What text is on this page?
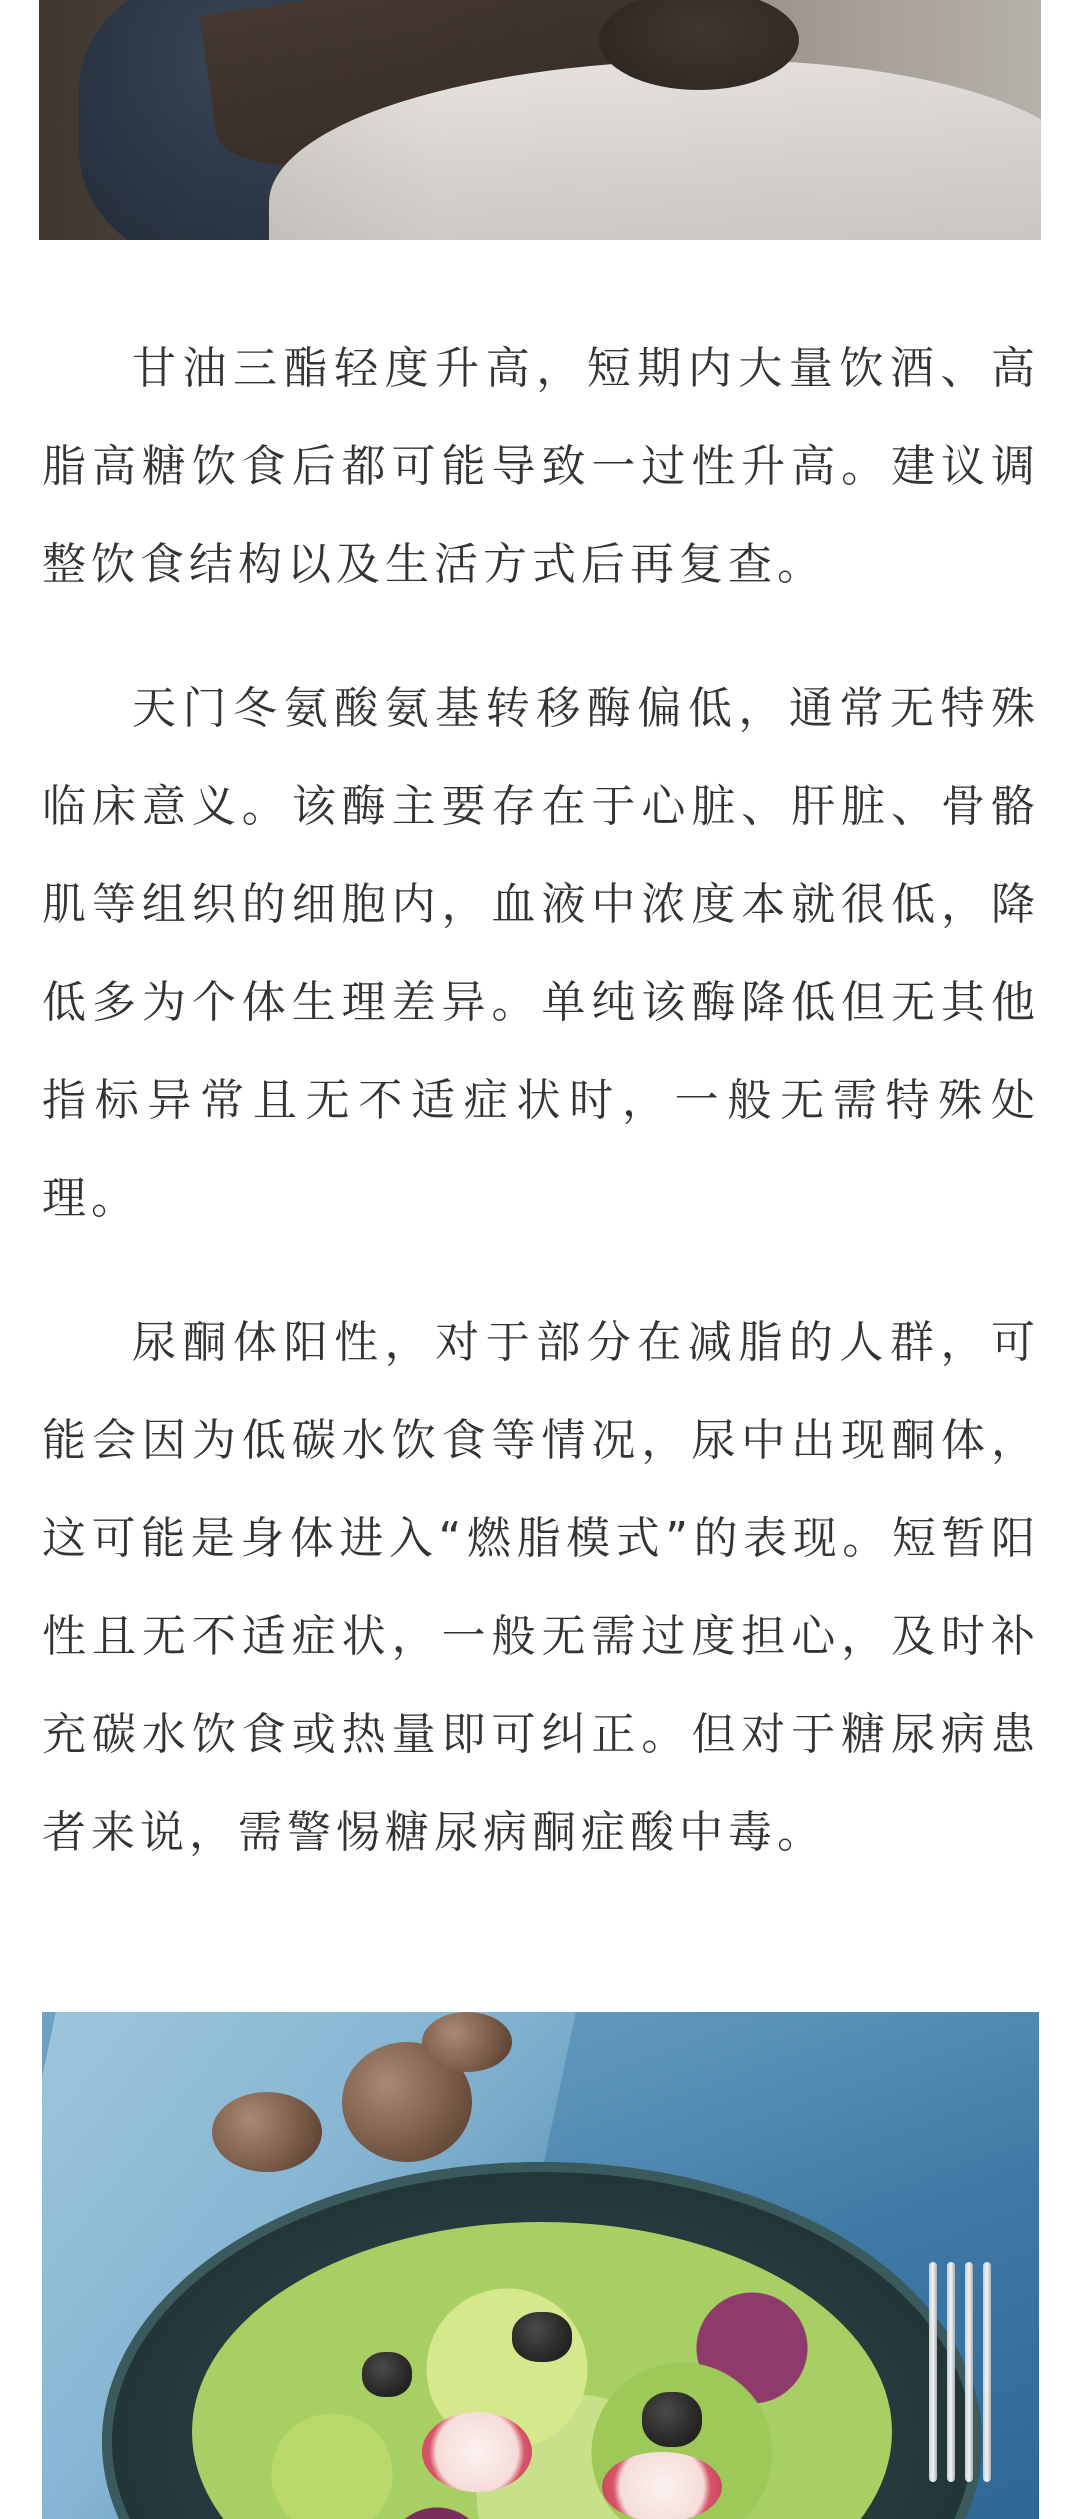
甘油三酯轻度升高，短期内大量饮酒、高脂高糖饮食后都可能导致一过性升高。建议调整饮食结构以及生活方式后再复查。

天门冬氨酸氨基转移酶偏低，通常无特殊临床意义。该酶主要存在于心脏、肝脏、骨骼肌等组织的细胞内，血液中浓度本就很低，降低多为个体生理差异。单纯该酶降低但无其他指标异常且无不适症状时，一般无需特殊处理。

尿酮体阳性，对于部分在减脂的人群，可能会因为低碳水饮食等情况，尿中出现酮体，这可能是身体进入“燃脂模式”的表现。短暂阳性且无不适症状，一般无需过度担心，及时补充碳水饮食或热量即可纠正。但对于糖尿病患者来说，需警惕糖尿病酮症酸中毒。
